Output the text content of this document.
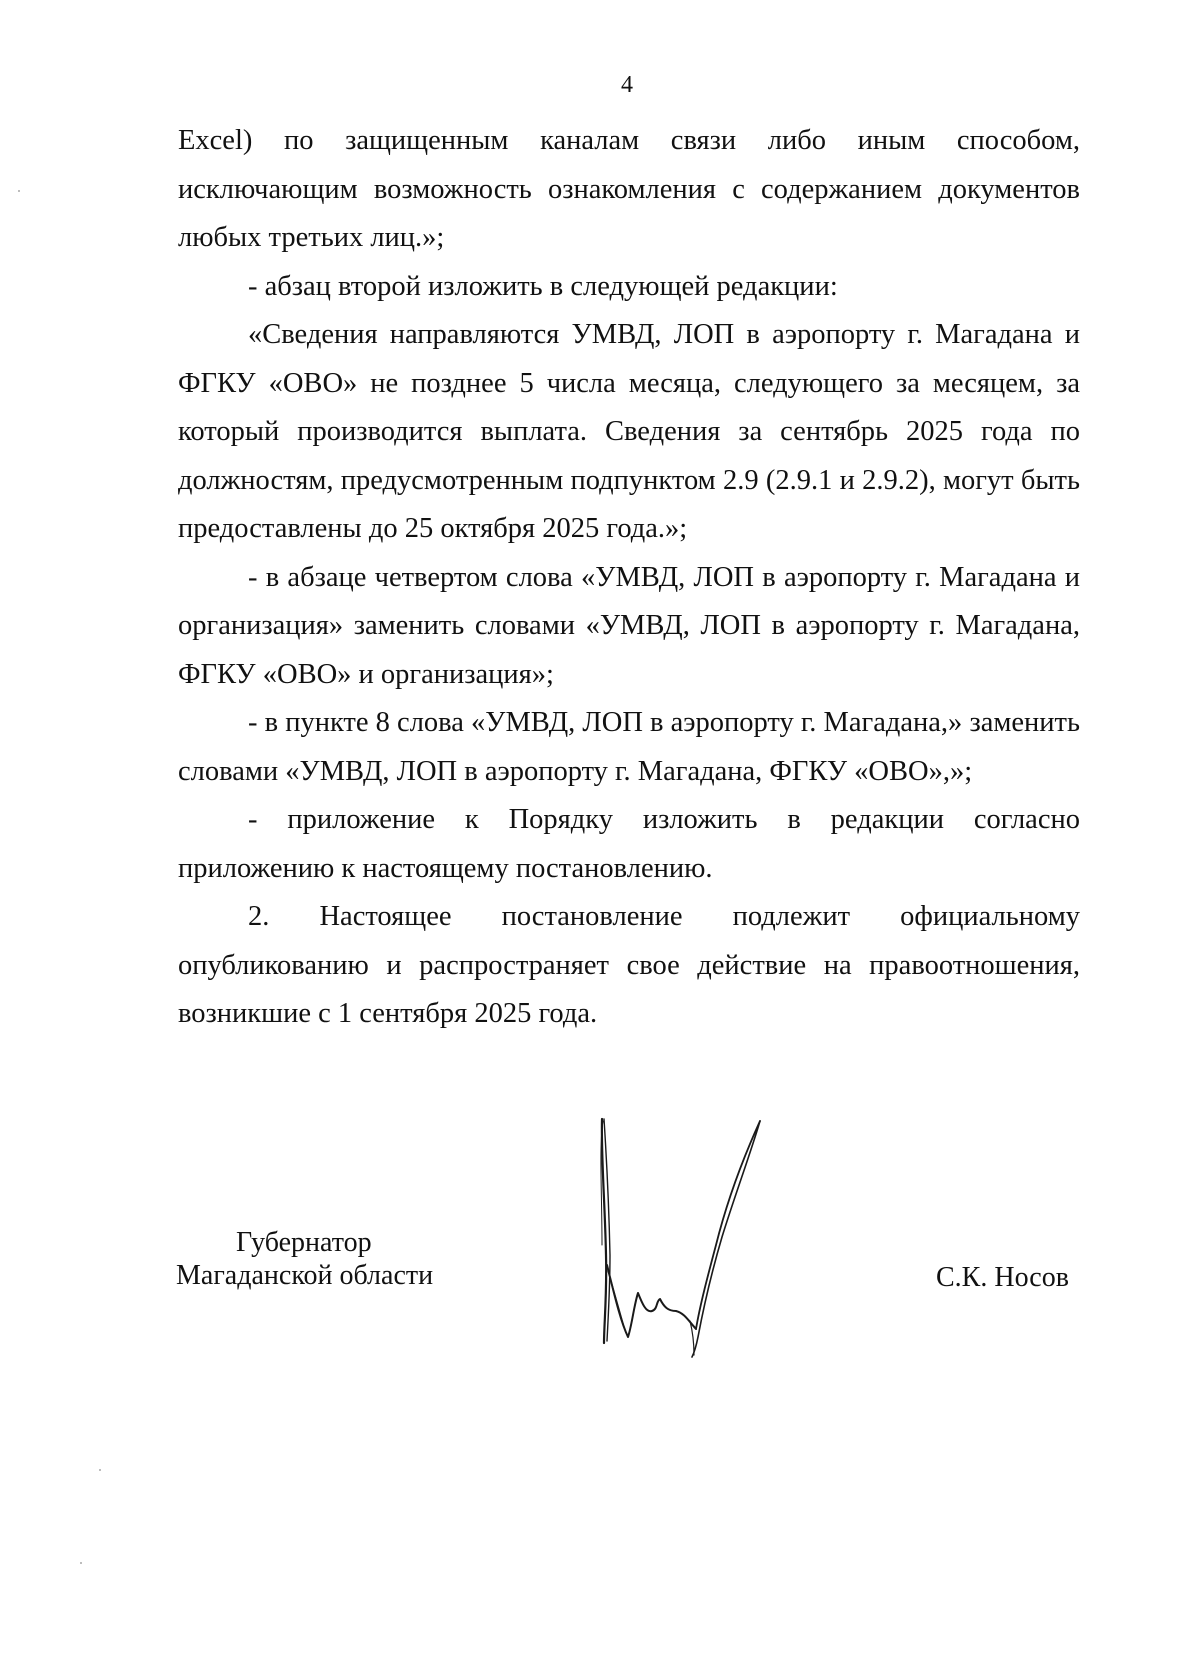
4

Excel) по защищенным каналам связи либо иным способом, исключающим возможность ознакомления с содержанием документов любых третьих лиц.»;

- абзац второй изложить в следующей редакции:

«Сведения направляются УМВД, ЛОП в аэропорту г. Магадана и ФГКУ «ОВО» не позднее 5 числа месяца, следующего за месяцем, за который производится выплата. Сведения за сентябрь 2025 года по должностям, предусмотренным подпунктом 2.9 (2.9.1 и 2.9.2), могут быть предоставлены до 25 октября 2025 года.»;

- в абзаце четвертом слова «УМВД, ЛОП в аэропорту г. Магадана и организация» заменить словами «УМВД, ЛОП в аэропорту г. Магадана, ФГКУ «ОВО» и организация»;

- в пункте 8 слова «УМВД, ЛОП в аэропорту г. Магадана,» заменить словами «УМВД, ЛОП в аэропорту г. Магадана, ФГКУ «ОВО»,»;

- приложение к Порядку изложить в редакции согласно приложению к настоящему постановлению.

2. Настоящее постановление подлежит официальному опубликованию и распространяет свое действие на правоотношения, возникшие с 1 сентября 2025 года.

Губернатор
Магаданской области	С.К. Носов
